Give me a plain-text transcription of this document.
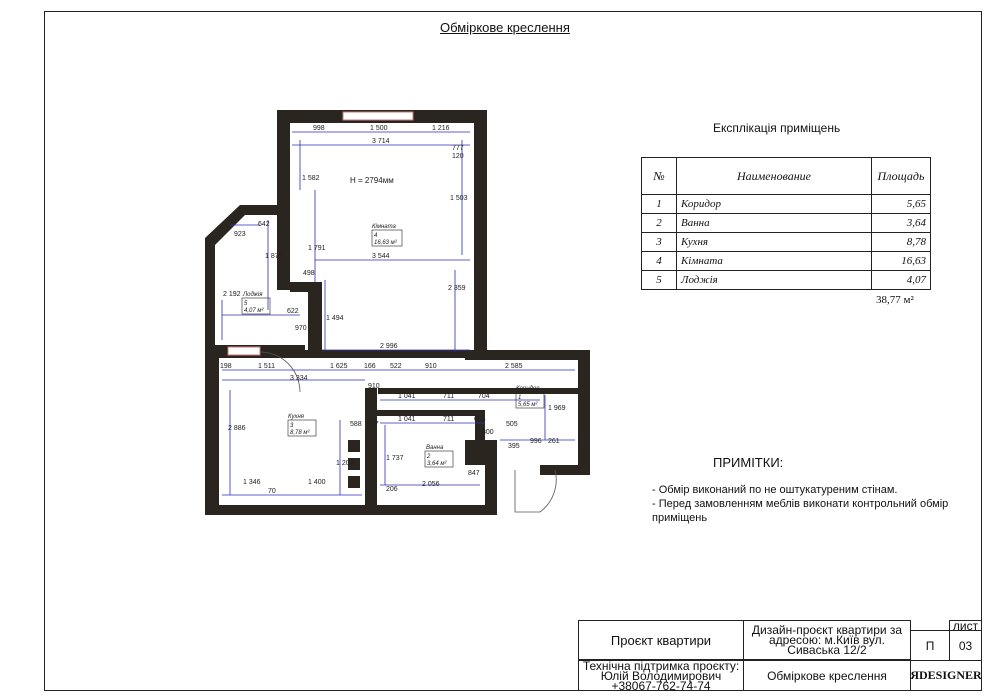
Обміркове креслення
998	1 500	1 216
3 714
777
120
1 582
1 503
1 791
3 544
498
2 359
1 494
2 996
923
642
1 875
2 192
622
970
198	1 511	1 625 166 522	910	2 585
3 334
910
1 041	711	704
1 969
588 597
1 041	711	604
800
505
996 261
2 886
1 203
1 737
847
1 346	1 400
70	206
2 056
395
H = 2794мм
Кімната
4
16,63 м²
Лоджія
5
4,07 м²
Кухня
3
8,78 м²
Ванна
2
3,64 м²
Коридор
1
5,65 м²
Експлікація приміщень
№	Наименование	Площадь
1	Коридор	5,65
2	Ванна	3,64
3	Кухня	8,78
4	Кімната	16,63
5	Лоджія	4,07
38,77 м²
ПРИМІТКИ:
- Обмір виконаний по не оштукатуреним стінам.
- Перед замовленням меблів виконати контрольний обмір приміщень
Проєкт квартири
Дизайн-проєкт квартири за адресою: м.Київ вул. Сиваська 12/2	П
лист
03
Технічна підтримка проєкту:
Юлій Володимирович
+38067-762-74-74
Обміркове креслення	ЯDESIGNER
